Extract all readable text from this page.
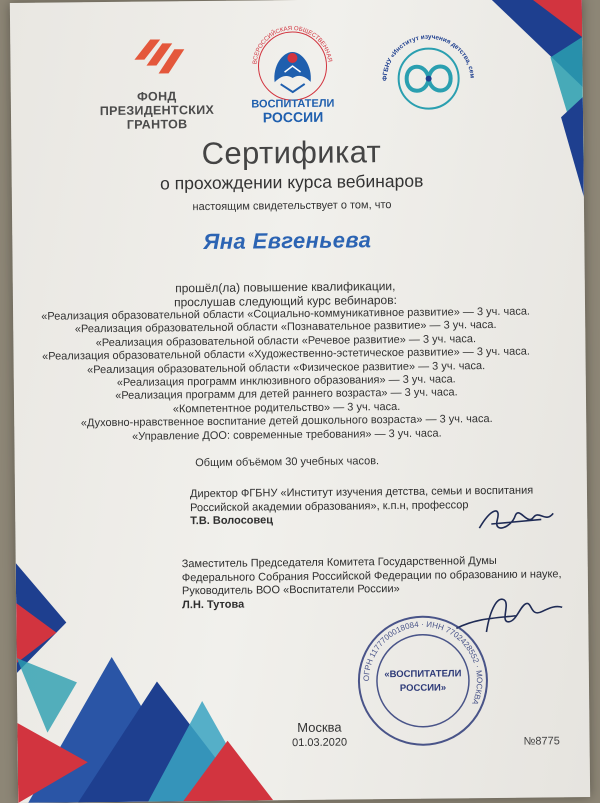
ФОНД
ПРЕЗИДЕНТСКИХ
ГРАНТОВ
ВСЕРОССИЙСКАЯ ОБЩЕСТВЕННАЯ ОРГАНИЗАЦИЯ
ВОСПИТАТЕЛИ
РОССИИ
ФГБНУ «Институт изучения детства, семьи
Сертификат
о прохождении курса вебинаров
настоящим свидетельствует о том, что
Яна Евгеньева
прошёл(ла) повышение квалификации,
прослушав следующий курс вебинаров:
«Реализация образовательной области «Социально-коммуникативное развитие» — 3 уч. часа.
«Реализация образовательной области «Познавательное развитие» — 3 уч. часа.
«Реализация образовательной области «Речевое развитие» — 3 уч. часа.
«Реализация образовательной области «Художественно-эстетическое развитие» — 3 уч. часа.
«Реализация образовательной области «Физическое развитие» — 3 уч. часа.
«Реализация программ инклюзивного образования» — 3 уч. часа.
«Реализация программ для детей раннего возраста» — 3 уч. часа.
«Компетентное родительство» — 3 уч. часа.
«Духовно-нравственное воспитание детей дошкольного возраста» — 3 уч. часа.
«Управление ДОО: современные требования» — 3 уч. часа.
Общим объёмом 30 учебных часов.
Директор ФГБНУ «Институт изучения детства, семьи и воспитания
Российской академии образования», к.п.н, профессор
Т.В. Волосовец
Заместитель Председателя Комитета Государственной Думы
Федерального Собрания Российской Федерации по образованию и науке,
Руководитель ВОО «Воспитатели России»
Л.Н. Тутова
ОГРН 1177700018084 · ИНН 7702428552 · МОСКВА
«ВОСПИТАТЕЛИ
РОССИИ»
Москва
01.03.2020	№8775
